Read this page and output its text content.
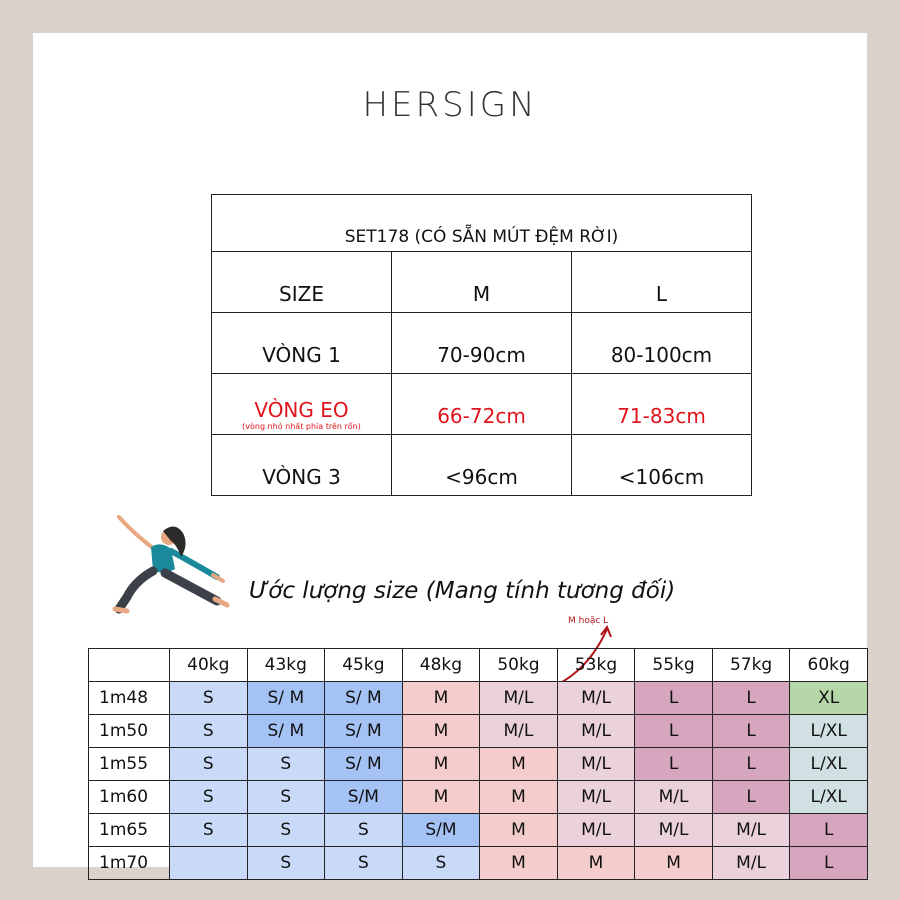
HERSIGN
SET178 (CÓ SẴN MÚT ĐỆM RỜI)		
SIZE	M	L
VÒNG 1	70-90cm	80-100cm
VÒNG EO
(vòng nhỏ nhất phía trên rốn)	66-72cm	71-83cm
VÒNG 3	<96cm	<106cm
Ước lượng size (Mang tính tương đối)
M hoặc L
	40kg	43kg	45kg	48kg	50kg	53kg	55kg	57kg	60kg
1m48	S	S/ M	S/ M	M	M/L	M/L	L	L	XL
1m50	S	S/ M	S/ M	M	M/L	M/L	L	L	L/XL
1m55	S	S	S/ M	M	M	M/L	L	L	L/XL
1m60	S	S	S/M	M	M	M/L	M/L	L	L/XL
1m65	S	S	S	S/M	M	M/L	M/L	M/L	L
1m70		S	S	S	M	M	M	M/L	L
